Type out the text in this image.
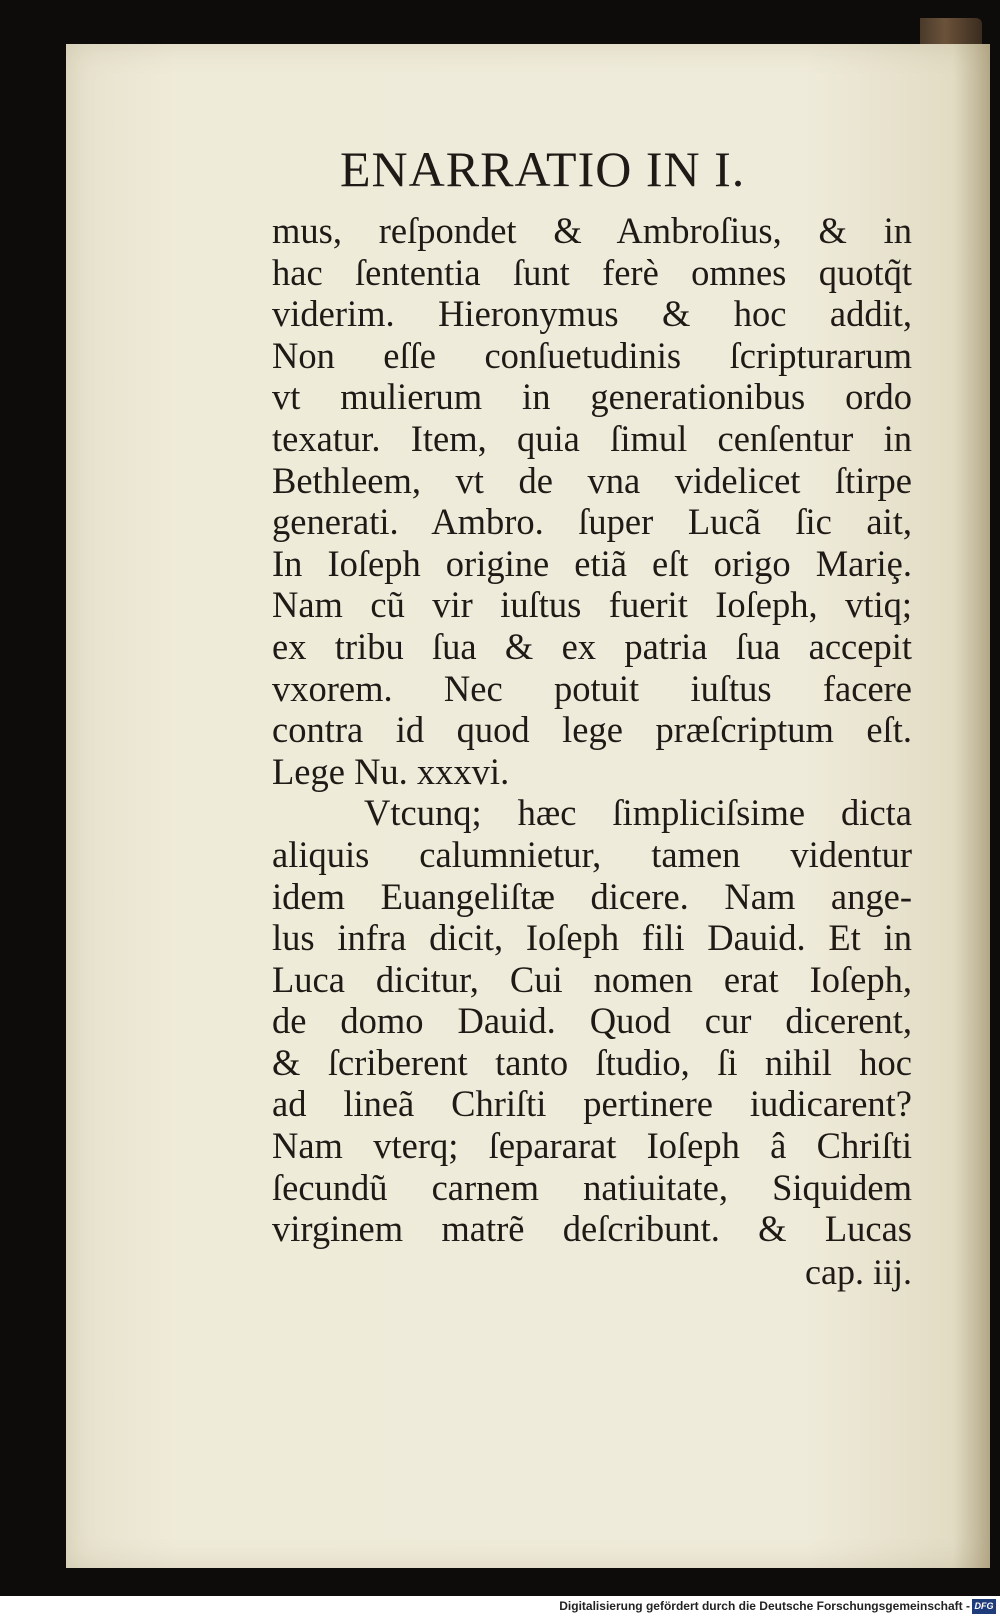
ENARRATIO IN I.
mus, reſpondet & Ambroſius, & in
hac ſententia ſunt ferè omnes quotq̃t
viderim. Hieronymus & hoc addit,
Non eſſe conſuetudinis ſcripturarum
vt mulierum in generationibus ordo
texatur. Item, quia ſimul cenſentur in
Bethleem, vt de vna videlicet ſtirpe
generati. Ambro. ſuper Lucã ſic ait,
In Ioſeph origine etiã eſt origo Mariȩ.
Nam cũ vir iuſtus fuerit Ioſeph, vtiq;
ex tribu ſua & ex patria ſua accepit
vxorem. Nec potuit iuſtus facere
contra id quod lege præſcriptum eſt.
Lege Nu. xxxvi.
Vtcunq; hæc ſimpliciſsime dicta
aliquis calumnietur, tamen videntur
idem Euangeliſtæ dicere. Nam ange-
lus infra dicit, Ioſeph fili Dauid. Et in
Luca dicitur, Cui nomen erat Ioſeph,
de domo Dauid. Quod cur dicerent,
& ſcriberent tanto ſtudio, ſi nihil hoc
ad lineã Chriſti pertinere iudicarent?
Nam vterq; ſepararat Ioſeph â Chriſti
ſecundũ carnem natiuitate, Siquidem
virginem matrẽ deſcribunt. & Lucas
cap. iij.
Digitalisierung gefördert durch die Deutsche Forschungsgemeinschaft - DFG
